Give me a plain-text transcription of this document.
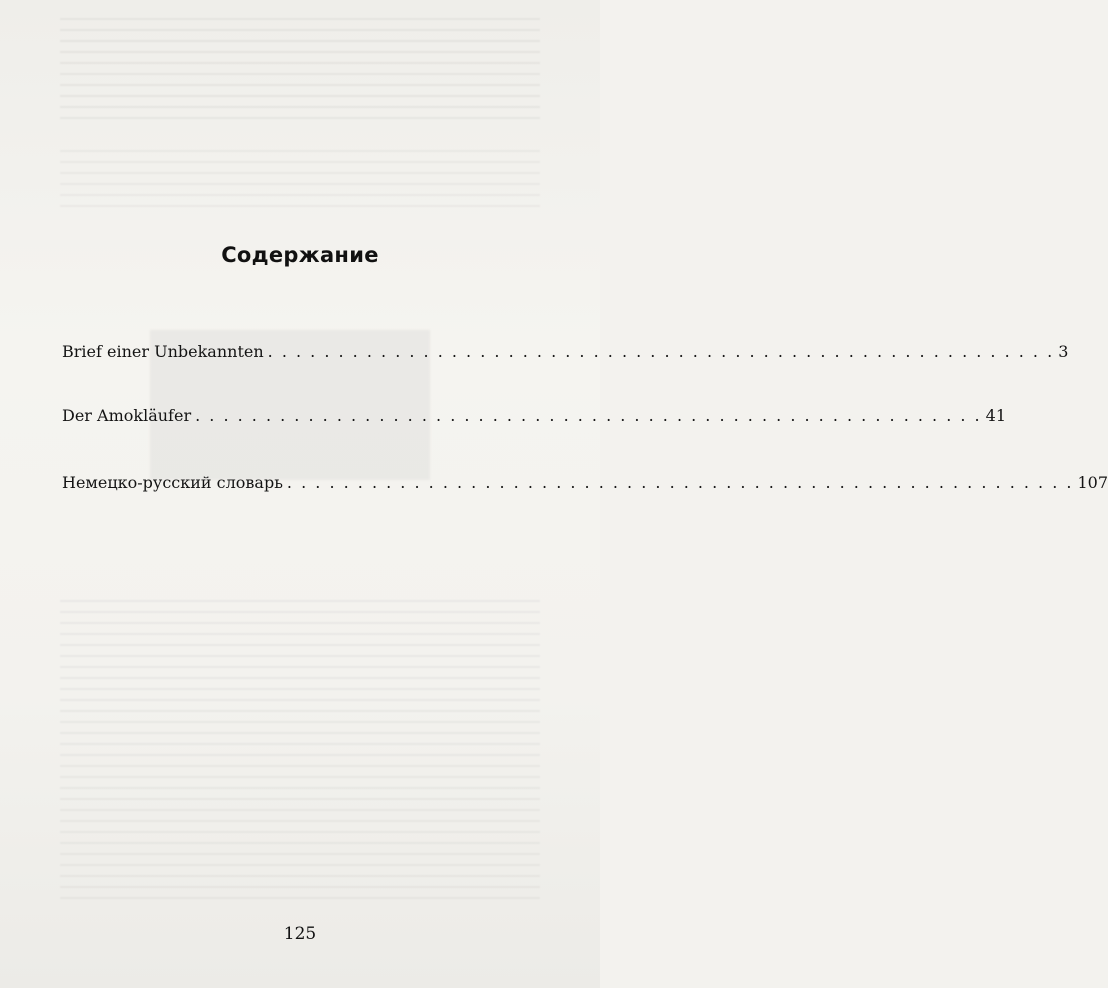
Содержание
Brief einer Unbekannten . . . . . . . . . . . . . . . . . . . . . . . . . . . . . . . . . . . . . . . . . . . . . . . . . . . . . . . . 3
Der Amokläufer . . . . . . . . . . . . . . . . . . . . . . . . . . . . . . . . . . . . . . . . . . . . . . . . . . . . . . . . 41
Немецко-русский словарь . . . . . . . . . . . . . . . . . . . . . . . . . . . . . . . . . . . . . . . . . . . . . . . . . . . . . . . . 107
125
